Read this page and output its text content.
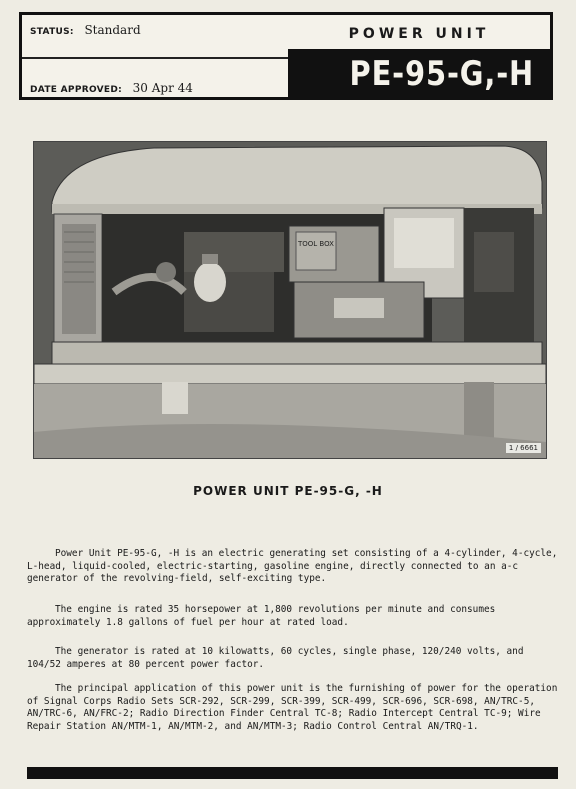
STATUS: Standard
DATE APPROVED: 30 Apr 44
POWER UNIT
PE-95-G,-H
TOOL BOX
1 / 6661
POWER UNIT PE-95-G, -H

Power Unit PE-95-G, -H is an electric generating set consisting of a 4-cylinder, 4-cycle, L-head, liquid-cooled, electric-starting, gasoline engine, directly connected to an a-c generator of the revolving-field, self-exciting type.

The engine is rated 35 horsepower at 1,800 revolutions per minute and consumes approximately 1.8 gallons of fuel per hour at rated load.

The generator is rated at 10 kilowatts, 60 cycles, single phase, 120/240 volts, and 104/52 amperes at 80 percent power factor.

The principal application of this power unit is the furnishing of power for the operation of Signal Corps Radio Sets SCR-292, SCR-299, SCR-399, SCR-499, SCR-696, SCR-698, AN/TRC-5, AN/TRC-6, AN/FRC-2; Radio Direction Finder Central TC-8; Radio Intercept Central TC-9; Wire Repair Station AN/MTM-1, AN/MTM-2, and AN/MTM-3; Radio Control Central AN/TRQ-1.
